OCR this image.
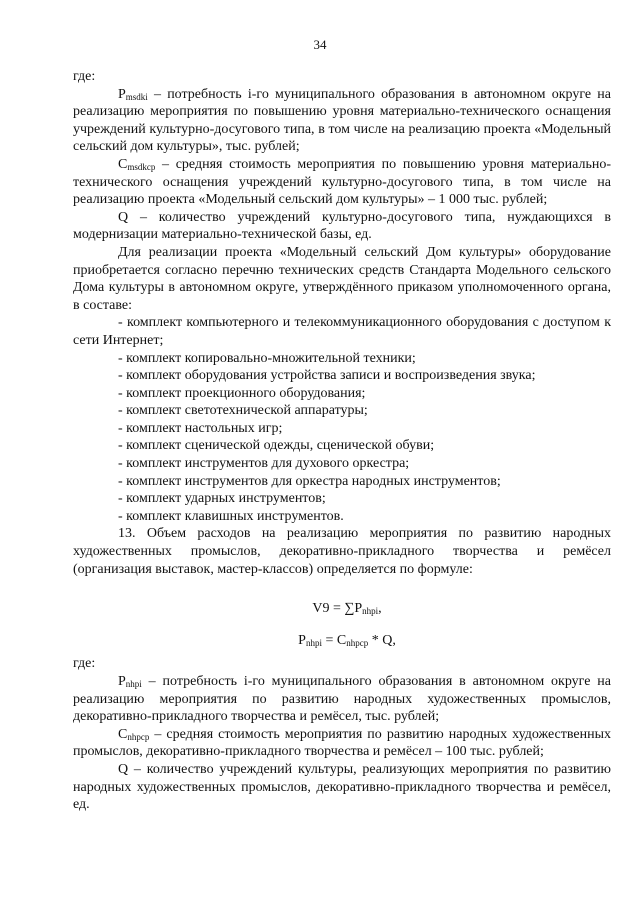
34

где:

$P_{msdki}$ – потребность i-го муниципального образования в автономном округе на реализацию мероприятия по повышению уровня материально-технического оснащения учреждений культурно-досугового типа, в том числе на реализацию проекта «Модельный сельский дом культуры», тыс. рублей;

$C_{msdkcp}$ – средняя стоимость мероприятия по повышению уровня материально-технического оснащения учреждений культурно-досугового типа, в том числе на реализацию проекта «Модельный сельский дом культуры» – 1 000 тыс. рублей;

Q – количество учреждений культурно-досугового типа, нуждающихся в модернизации материально-технической базы, ед.

Для реализации проекта «Модельный сельский Дом культуры» оборудование приобретается согласно перечню технических средств Стандарта Модельного сельского Дома культуры в автономном округе, утверждённого приказом уполномоченного органа, в составе:

- комплект компьютерного и телекоммуникационного оборудования с доступом к сети Интернет;

- комплект копировально-множительной техники;

- комплект оборудования устройства записи и воспроизведения звука;

- комплект проекционного оборудования;

- комплект светотехнической аппаратуры;

- комплект настольных игр;

- комплект сценической одежды, сценической обуви;

- комплект инструментов для духового оркестра;

- комплект инструментов для оркестра народных инструментов;

- комплект ударных инструментов;

- комплект клавишных инструментов.

13. Объем расходов на реализацию мероприятия по развитию народных художественных промыслов, декоративно-прикладного творчества и ремёсел (организация выставок, мастер-классов) определяется по формуле:

$V9 = \sum P_{nhpi}$,

$P_{nhpi} = C_{nhpcp} * Q$,

где:

$P_{nhpi}$ – потребность i-го муниципального образования в автономном округе на реализацию мероприятия по развитию народных художественных промыслов, декоративно-прикладного творчества и ремёсел, тыс. рублей;

$C_{nhpcp}$ – средняя стоимость мероприятия по развитию народных художественных промыслов, декоративно-прикладного творчества и ремёсел – 100 тыс. рублей;

Q – количество учреждений культуры, реализующих мероприятия по развитию народных художественных промыслов, декоративно-прикладного творчества и ремёсел, ед.
